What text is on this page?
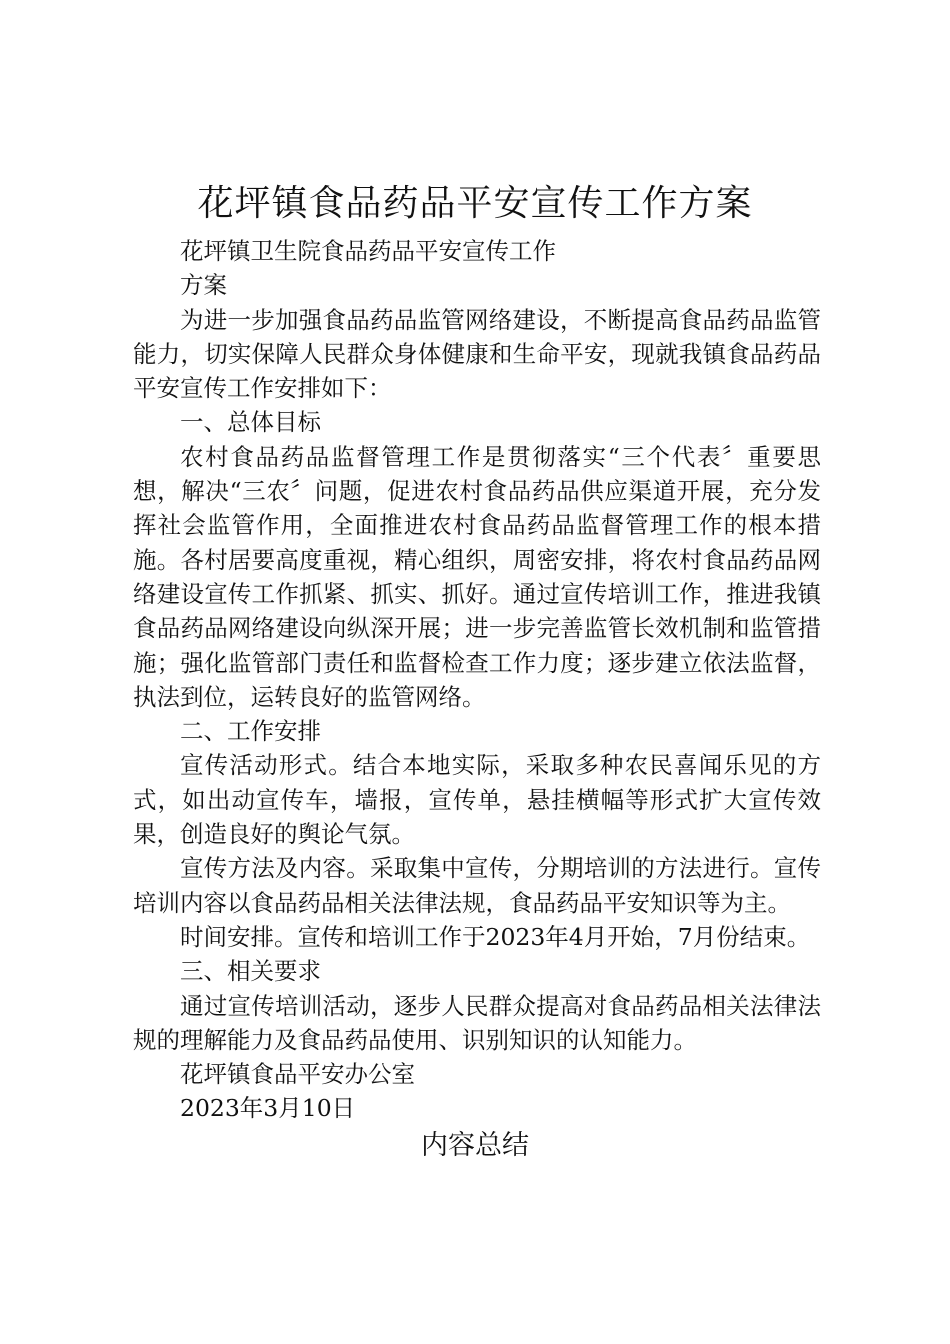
花坪镇食品药品平安宣传工作方案

花坪镇卫生院食品药品平安宣传工作

方案

为进一步加强食品药品监管网络建设，不断提高食品药品监管能力，切实保障人民群众身体健康和生命平安，现就我镇食品药品平安宣传工作安排如下：

一、总体目标

农村食品药品监督管理工作是贯彻落实“三个代表〞重要思想，解决“三农〞问题，促进农村食品药品供应渠道开展，充分发挥社会监管作用，全面推进农村食品药品监督管理工作的根本措施。各村居要高度重视，精心组织，周密安排，将农村食品药品网络建设宣传工作抓紧、抓实、抓好。通过宣传培训工作，推进我镇食品药品网络建设向纵深开展；进一步完善监管长效机制和监管措施；强化监管部门责任和监督检查工作力度；逐步建立依法监督，执法到位，运转良好的监管网络。

二、工作安排

宣传活动形式。结合本地实际，采取多种农民喜闻乐见的方式，如出动宣传车，墙报，宣传单，悬挂横幅等形式扩大宣传效果，创造良好的舆论气氛。

宣传方法及内容。采取集中宣传，分期培训的方法进行。宣传培训内容以食品药品相关法律法规，食品药品平安知识等为主。

时间安排。宣传和培训工作于2023年4月开始，7月份结束。

三、相关要求

通过宣传培训活动，逐步人民群众提高对食品药品相关法律法规的理解能力及食品药品使用、识别知识的认知能力。

花坪镇食品平安办公室

2023年3月10日

内容总结
